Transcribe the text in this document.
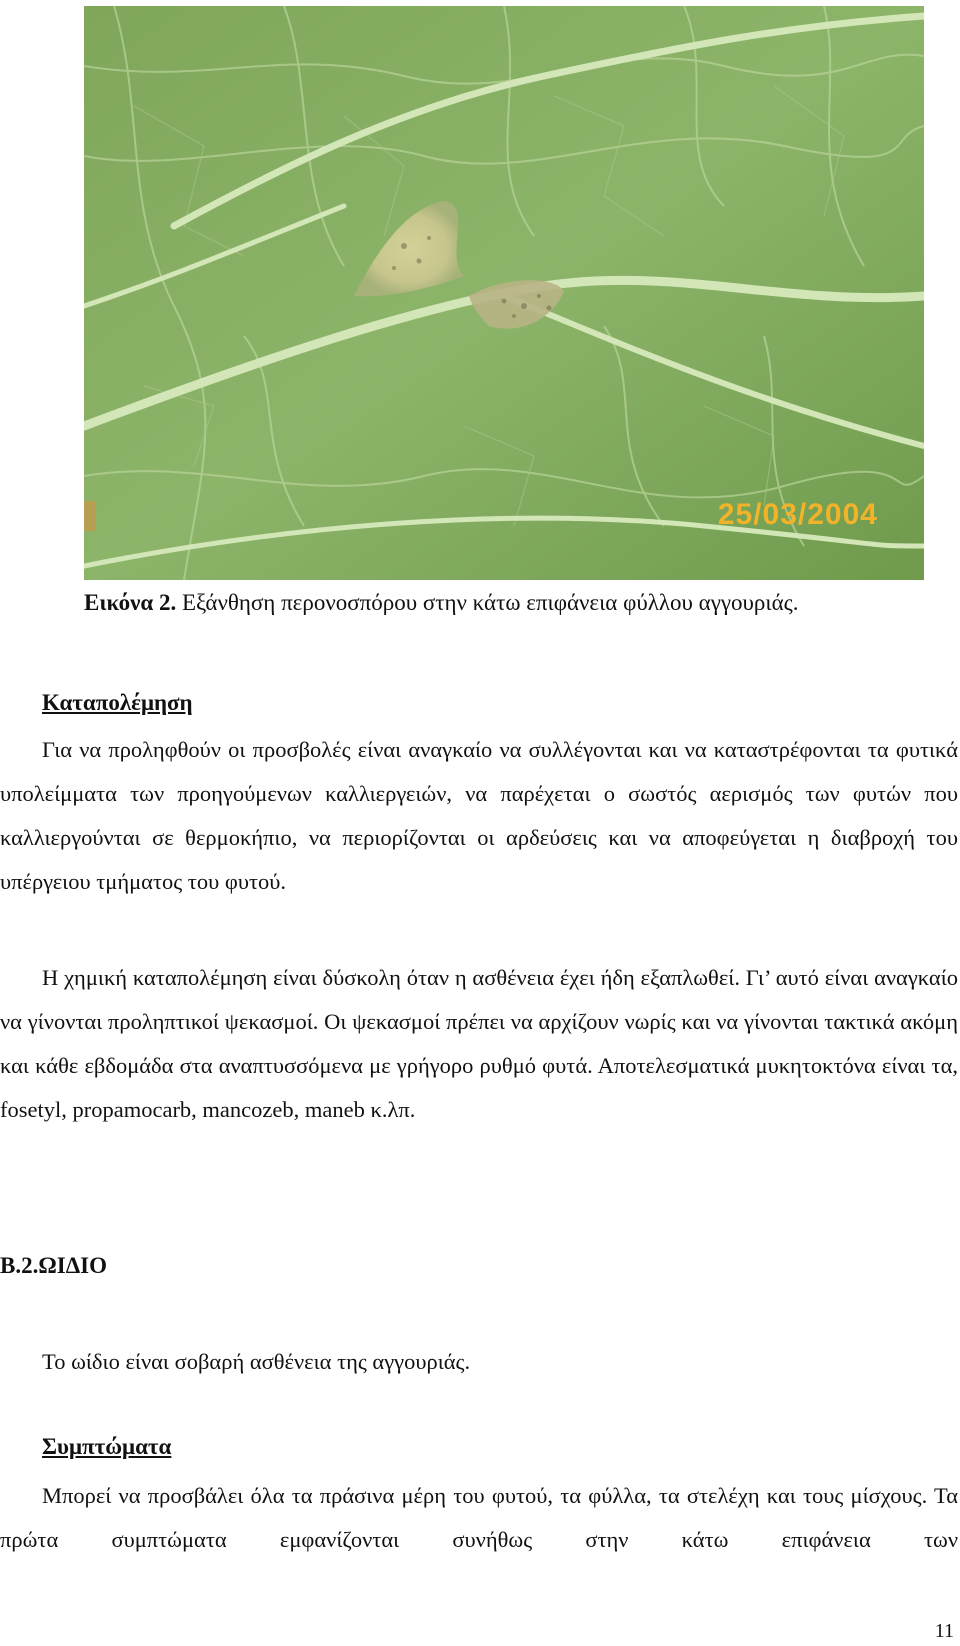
25/03/2004
Εικόνα 2. Εξάνθηση περονοσπόρου στην κάτω επιφάνεια φύλλου αγγουριάς.
Καταπολέμηση

Για να προληφθούν οι προσβολές είναι αναγκαίο να συλλέγονται και να καταστρέφονται τα φυτικά υπολείμματα των προηγούμενων καλλιεργειών, να παρέχεται ο σωστός αερισμός των φυτών που καλλιεργούνται σε θερμοκήπιο, να περιορίζονται οι αρδεύσεις και να αποφεύγεται η διαβροχή του υπέργειου τμήματος του φυτού.

Η χημική καταπολέμηση είναι δύσκολη όταν η ασθένεια έχει ήδη εξαπλωθεί. Γι’ αυτό είναι αναγκαίο να γίνονται προληπτικοί ψεκασμοί. Οι ψεκασμοί πρέπει να αρχίζουν νωρίς και να γίνονται τακτικά ακόμη και κάθε εβδομάδα στα αναπτυσσόμενα με γρήγορο ρυθμό φυτά. Αποτελεσματικά μυκητοκτόνα είναι τα, fosetyl, propamocarb, mancozeb, maneb κ.λπ.

Β.2.ΩΙΔΙΟ
Το ωίδιο είναι σοβαρή ασθένεια της αγγουριάς.
Συμπτώματα

Μπορεί να προσβάλει όλα τα πράσινα μέρη του φυτού, τα φύλλα, τα στελέχη και τους μίσχους. Τα πρώτα συμπτώματα εμφανίζονται συνήθως στην κάτω επιφάνεια των

11
